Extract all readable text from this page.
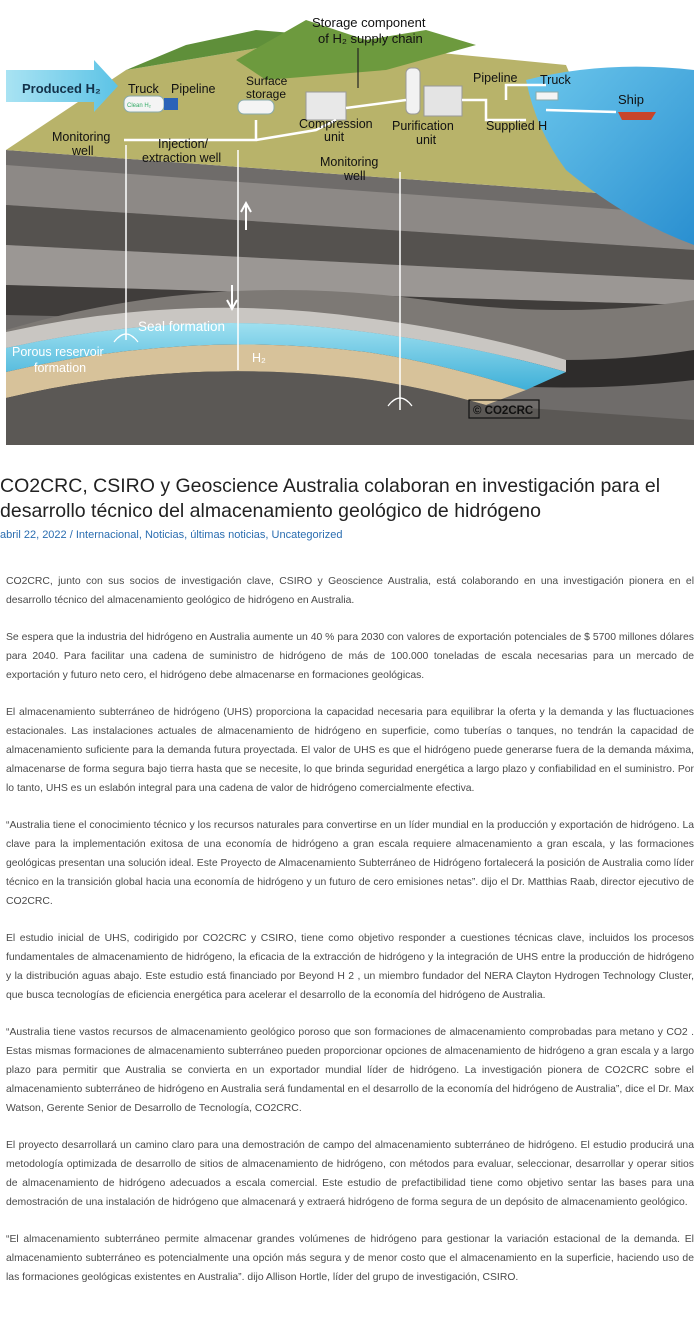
Storage component
of H₂ supply chain
Produced H₂ Truck Pipeline
Surface
storage
Compression
unit
Purification
unit
Pipeline Truck
Ship
Supplied H
Monitoring
well	Injection/
extraction well	Monitoring
well
Seal formation
Porous reservoir
formation
H₂
© CO2CRC
Clean H₂
CO2CRC, CSIRO y Geoscience Australia colaboran en investigación para el desarrollo técnico del almacenamiento geológico de hidrógeno
abril 22, 2022 / Internacional, Noticias, últimas noticias, Uncategorized

CO2CRC, junto con sus socios de investigación clave, CSIRO y Geoscience Australia, está colaborando en una investigación pionera en el desarrollo técnico del almacenamiento geológico de hidrógeno en Australia.

Se espera que la industria del hidrógeno en Australia aumente un 40 % para 2030 con valores de exportación potenciales de $ 5700 millones dólares para 2040. Para facilitar una cadena de suministro de hidrógeno de más de 100.000 toneladas de escala necesarias para un mercado de exportación y futuro neto cero, el hidrógeno debe almacenarse en formaciones geológicas.

El almacenamiento subterráneo de hidrógeno (UHS) proporciona la capacidad necesaria para equilibrar la oferta y la demanda y las fluctuaciones estacionales. Las instalaciones actuales de almacenamiento de hidrógeno en superficie, como tuberías o tanques, no tendrán la capacidad de almacenamiento suficiente para la demanda futura proyectada. El valor de UHS es que el hidrógeno puede generarse fuera de la demanda máxima, almacenarse de forma segura bajo tierra hasta que se necesite, lo que brinda seguridad energética a largo plazo y confiabilidad en el suministro. Por lo tanto, UHS es un eslabón integral para una cadena de valor de hidrógeno comercialmente efectiva.

“Australia tiene el conocimiento técnico y los recursos naturales para convertirse en un líder mundial en la producción y exportación de hidrógeno. La clave para la implementación exitosa de una economía de hidrógeno a gran escala requiere almacenamiento a gran escala, y las formaciones geológicas presentan una solución ideal. Este Proyecto de Almacenamiento Subterráneo de Hidrógeno fortalecerá la posición de Australia como líder técnico en la transición global hacia una economía de hidrógeno y un futuro de cero emisiones netas”. dijo el Dr. Matthias Raab, director ejecutivo de CO2CRC.

El estudio inicial de UHS, codirigido por CO2CRC y CSIRO, tiene como objetivo responder a cuestiones técnicas clave, incluidos los procesos fundamentales de almacenamiento de hidrógeno, la eficacia de la extracción de hidrógeno y la integración de UHS entre la producción de hidrógeno y la distribución aguas abajo. Este estudio está financiado por Beyond H 2 , un miembro fundador del NERA Clayton Hydrogen Technology Cluster, que busca tecnologías de eficiencia energética para acelerar el desarrollo de la economía del hidrógeno de Australia.

“Australia tiene vastos recursos de almacenamiento geológico poroso que son formaciones de almacenamiento comprobadas para metano y CO2 . Estas mismas formaciones de almacenamiento subterráneo pueden proporcionar opciones de almacenamiento de hidrógeno a gran escala y a largo plazo para permitir que Australia se convierta en un exportador mundial líder de hidrógeno. La investigación pionera de CO2CRC sobre el almacenamiento subterráneo de hidrógeno en Australia será fundamental en el desarrollo de la economía del hidrógeno de Australia”, dice el Dr. Max Watson, Gerente Senior de Desarrollo de Tecnología, CO2CRC.

El proyecto desarrollará un camino claro para una demostración de campo del almacenamiento subterráneo de hidrógeno. El estudio producirá una metodología optimizada de desarrollo de sitios de almacenamiento de hidrógeno, con métodos para evaluar, seleccionar, desarrollar y operar sitios de almacenamiento de hidrógeno adecuados a escala comercial. Este estudio de prefactibilidad tiene como objetivo sentar las bases para una demostración de una instalación de hidrógeno que almacenará y extraerá hidrógeno de forma segura de un depósito de almacenamiento geológico.

“El almacenamiento subterráneo permite almacenar grandes volúmenes de hidrógeno para gestionar la variación estacional de la demanda. El almacenamiento subterráneo es potencialmente una opción más segura y de menor costo que el almacenamiento en la superficie, haciendo uso de las formaciones geológicas existentes en Australia”. dijo Allison Hortle, líder del grupo de investigación, CSIRO.
